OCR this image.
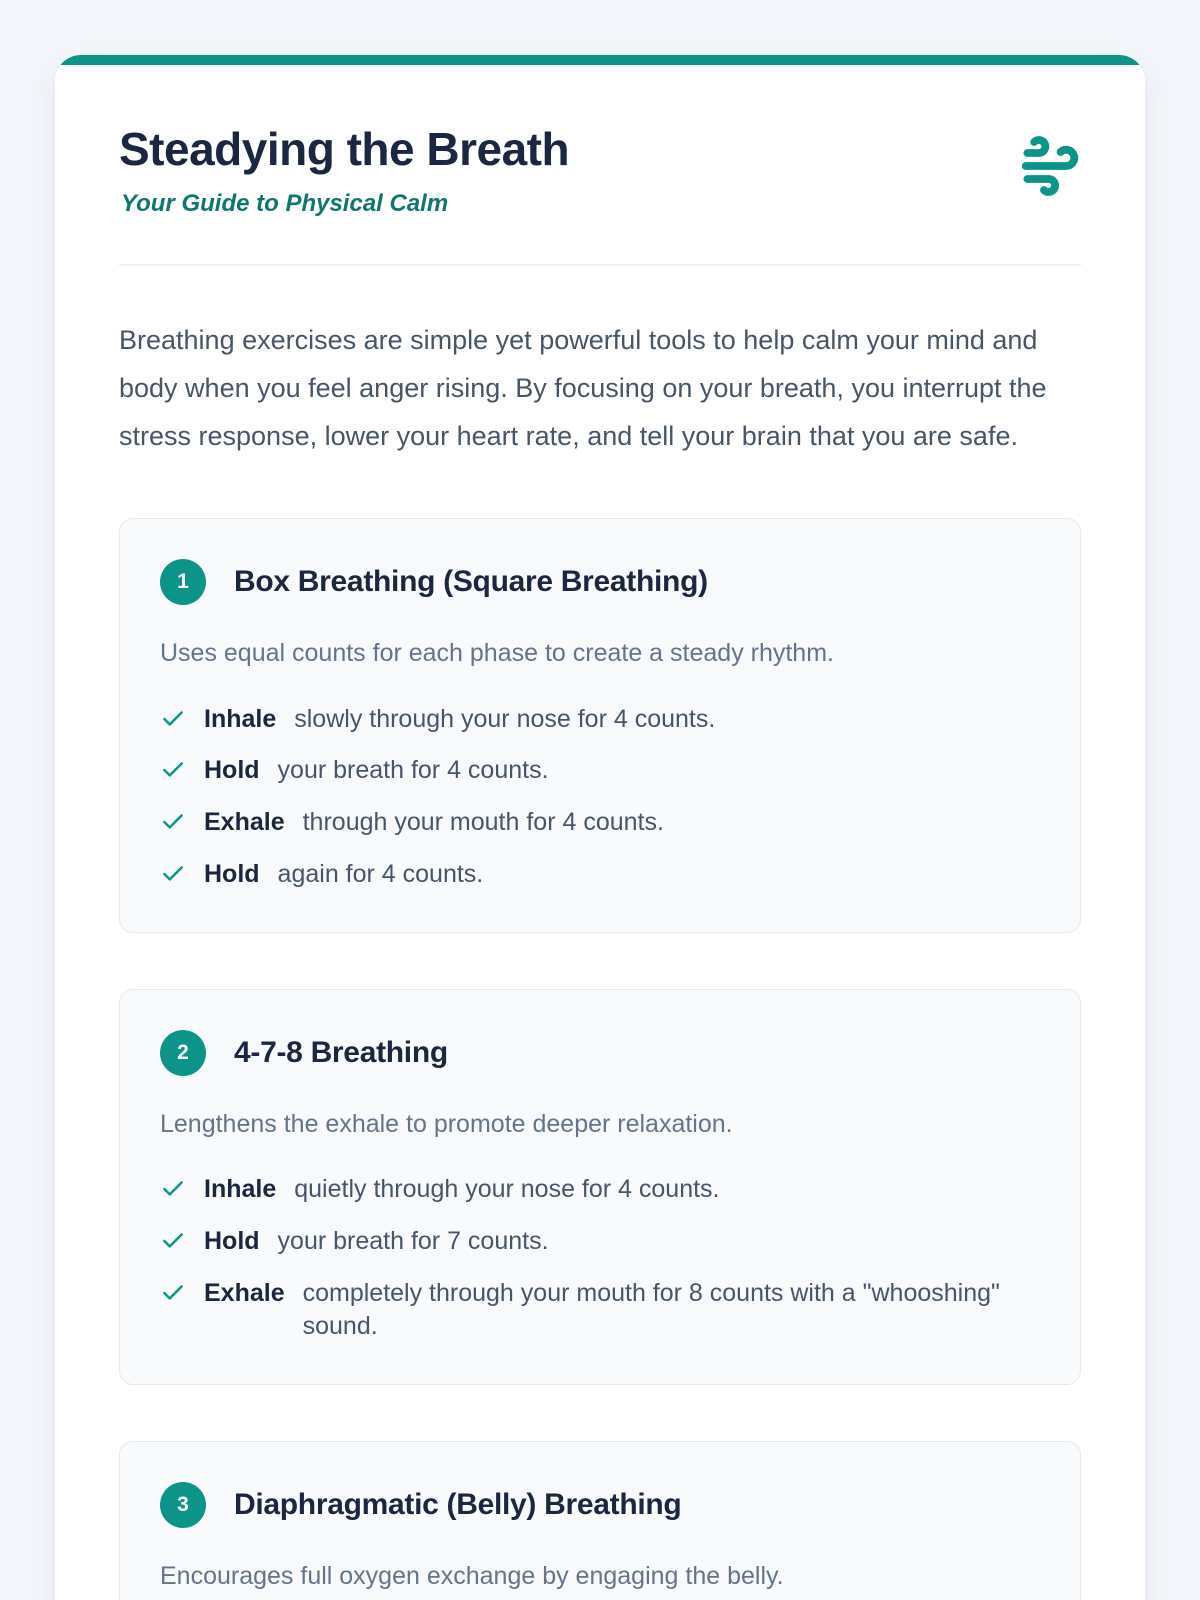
Steadying the Breath
Your Guide to Physical Calm

Breathing exercises are simple yet powerful tools to help calm your mind and body when you feel anger rising. By focusing on your breath, you interrupt the stress response, lower your heart rate, and tell your brain that you are safe.

1	Box Breathing (Square Breathing)

Uses equal counts for each phase to create a steady rhythm.

Inhale slowly through your nose for 4 counts.
Hold your breath for 4 counts.
Exhale through your mouth for 4 counts.
Hold again for 4 counts.
2	4-7-8 Breathing

Lengthens the exhale to promote deeper relaxation.

Inhale quietly through your nose for 4 counts.
Hold your breath for 7 counts.
Exhale completely through your mouth for 8 counts with a "whooshing" sound.
3	Diaphragmatic (Belly) Breathing

Encourages full oxygen exchange by engaging the belly.
